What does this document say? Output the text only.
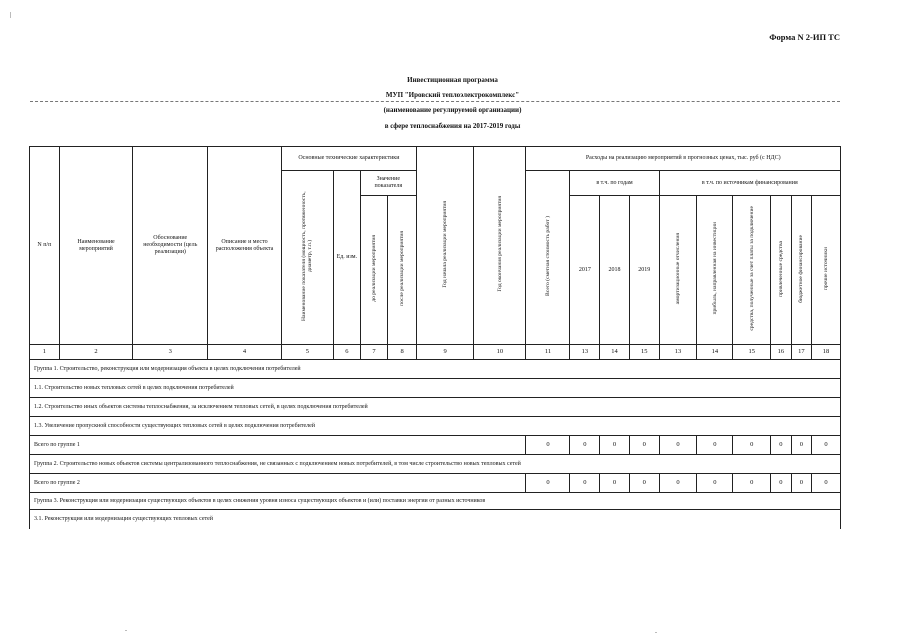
Форма N 2-ИП ТС
Инвестиционная программа
МУП "Ировский теплоэлектрокомплекс"
(наименование регулируемой организации)
в сфере теплоснабжения на 2017-2019 годы
N п/п	Наименование мероприятий	Обоснование необходимости (цель реализации)	Описание и место расположения объекта	Основные технические характеристики				Год начала реализации мероприятия	Год окончания реализации мероприятия	Расходы на реализацию мероприятий в прогнозных ценах, тыс. руб (с НДС)									
				Наименование показателя (мощность, протяженность, диаметр, т.п.)	Ед. изм.	Значение показателя				Всего (сметная стоимость работ )	в т.ч. по годам			в т.ч. по источникам финансирования					
						до реализации мероприятия	после реализации мероприятия				2017	2018	2019	амортизационные отчисления	прибыль, направленная на инвестиции	средства, полученные за счет платы за подключение	привлеченные средства	бюджетное финансирование	прочие источники
1	2	3	4	5	6	7	8	9	10	11	13	14	15	13	14	15	16	17	18
Группа 1. Строительство, реконструкция или модернизация объекта в целях подключения потребителей																			
1.1. Строительство новых тепловых сетей в целях подключения потребителей																			
1.2. Строительство иных объектов системы теплоснабжения, за исключением тепловых сетей, в целях подключения потребителей																			
1.3. Увеличение пропускной способности существующих тепловых сетей в целях подключения потребителей																			
Всего по группе 1										0	0	0	0	0	0	0	0	0	0
Группа 2. Строительство новых объектов системы централизованного теплоснабжения, не связанных с подключением новых потребителей, в том числе строительство новых тепловых сетей																			
Всего по группе 2										0	0	0	0	0	0	0	0	0	0
Группа 3. Реконструкция или модернизация существующих объектов в целях снижения уровня износа существующих объектов и (или) поставки энергии от разных источников																			
3.1. Реконструкция или модернизация существующих тепловых сетей																			
